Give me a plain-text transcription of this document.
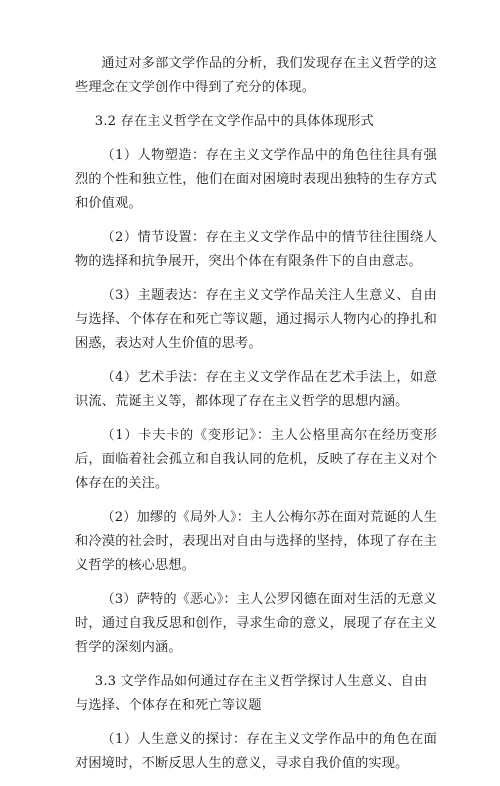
通过对多部文学作品的分析，我们发现存在主义哲学的这些理念在文学创作中得到了充分的体现。

3.2 存在主义哲学在文学作品中的具体体现形式

（1）人物塑造：存在主义文学作品中的角色往往具有强烈的个性和独立性，他们在面对困境时表现出独特的生存方式和价值观。

（2）情节设置：存在主义文学作品中的情节往往围绕人物的选择和抗争展开，突出个体在有限条件下的自由意志。

（3）主题表达：存在主义文学作品关注人生意义、自由与选择、个体存在和死亡等议题，通过揭示人物内心的挣扎和困惑，表达对人生价值的思考。

（4）艺术手法：存在主义文学作品在艺术手法上，如意识流、荒诞主义等，都体现了存在主义哲学的思想内涵。

（1）卡夫卡的《变形记》：主人公格里高尔在经历变形后，面临着社会孤立和自我认同的危机，反映了存在主义对个体存在的关注。

（2）加缪的《局外人》：主人公梅尔苏在面对荒诞的人生和冷漠的社会时，表现出对自由与选择的坚持，体现了存在主义哲学的核心思想。

（3）萨特的《恶心》：主人公罗冈德在面对生活的无意义时，通过自我反思和创作，寻求生命的意义，展现了存在主义哲学的深刻内涵。

3.3 文学作品如何通过存在主义哲学探讨人生意义、自由与选择、个体存在和死亡等议题

（1）人生意义的探讨：存在主义文学作品中的角色在面对困境时，不断反思人生的意义，寻求自我价值的实现。
